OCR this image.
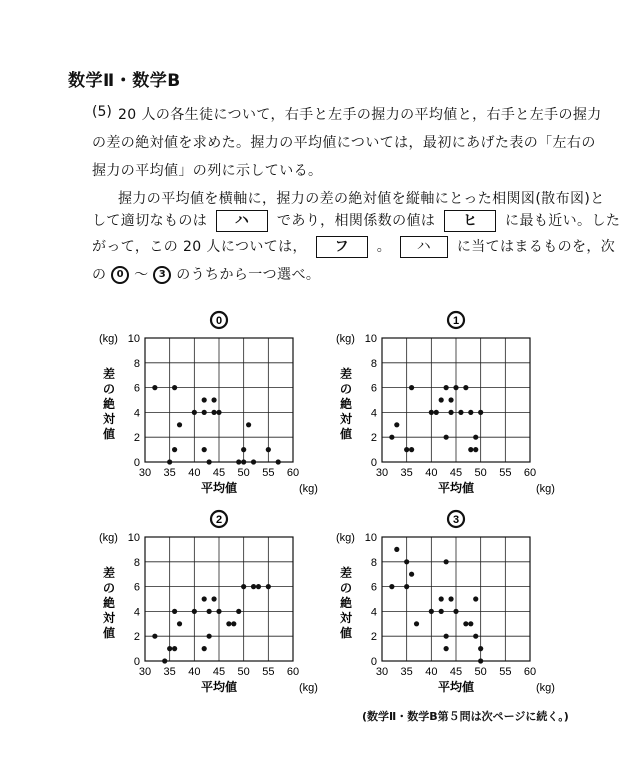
数学Ⅱ・数学B
(5) 20 人の各生徒について，右手と左手の握力の平均値と，右手と左手の握力
の差の絶対値を求めた。握力の平均値については，最初にあげた表の「左右の
握力の平均値」の列に示している。
握力の平均値を横軸に，握力の差の絶対値を縦軸にとった相関図(散布図)と
して適切なものは ハ であり，相関係数の値は ヒ に最も近い。した
がって，この 20 人については， フ 。 ハ に当てはまるものを，次
の 0 〜 3 のうちから一つ選べ。
30 35 40 45 50 55 60
0
2
4
6
8
10
(kg)
(kg)
平均値
差
の
絶
対
値
0
30 35 40 45 50 55 60
0
2
4
6
8
10
(kg)
(kg)
平均値
差
の
絶
対
値
1
30 35 40 45 50 55 60
0
2
4
6
8
10
(kg)
(kg)
平均値
差
の
絶
対
値
2
30 35 40 45 50 55 60
0
2
4
6
8
10
(kg)
(kg)
平均値
差
の
絶
対
値
3
(数学Ⅱ・数学B第５問は次ページに続く。)
